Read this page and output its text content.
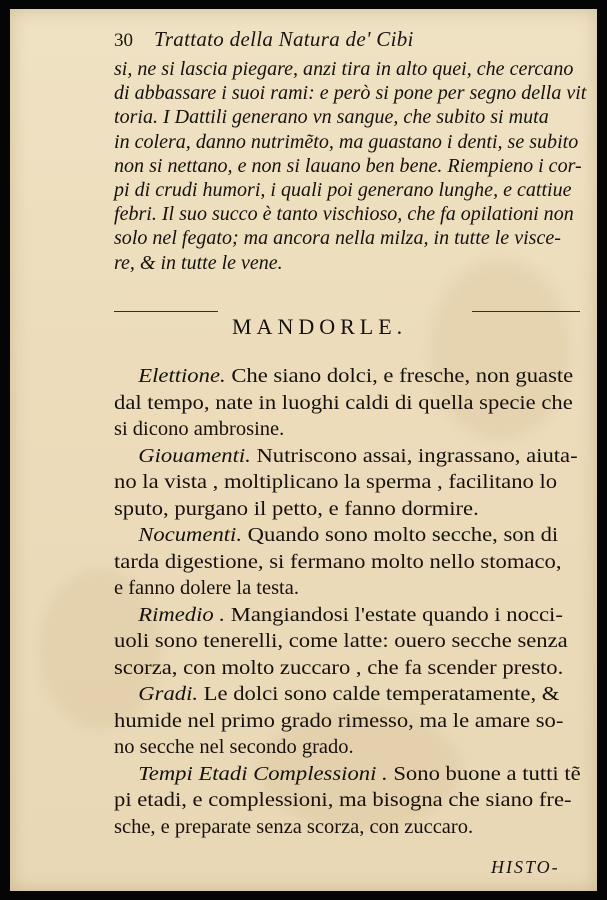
30 Trattato della Natura de' Cibi
si, ne si lascia piegare, anzi tira in alto quei, che cercano
di abbassare i suoi rami: e però si pone per segno della vit
toria. I Dattili generano vn sangue, che subito si muta
in colera, danno nutrimẽto, ma guastano i denti, se subito
non si nettano, e non si lauano ben bene. Riempieno i cor-
pi di crudi humori, i quali poi generano lunghe, e cattiue
febri. Il suo succo è tanto vischioso, che fa opilationi non
solo nel fegato; ma ancora nella milza, in tutte le visce-
re, & in tutte le vene.
MANDORLE.
Elettione. Che siano dolci, e fresche, non guaste
dal tempo, nate in luoghi caldi di quella specie che
si dicono ambrosine.
Giouamenti. Nutriscono assai, ingrassano, aiuta-
no la vista , moltiplicano la sperma , facilitano lo
sputo, purgano il petto, e fanno dormire.
Nocumenti. Quando sono molto secche, son di
tarda digestione, si fermano molto nello stomaco,
e fanno dolere la testa.
Rimedio . Mangiandosi l'estate quando i nocci-
uoli sono tenerelli, come latte: ouero secche senza
scorza, con molto zuccaro , che fa scender presto.
Gradi. Le dolci sono calde temperatamente, &
humide nel primo grado rimesso, ma le amare so-
no secche nel secondo grado.
Tempi Etadi Complessioni . Sono buone a tutti tẽ
pi etadi, e complessioni, ma bisogna che siano fre-
sche, e preparate senza scorza, con zuccaro.
HISTO-
